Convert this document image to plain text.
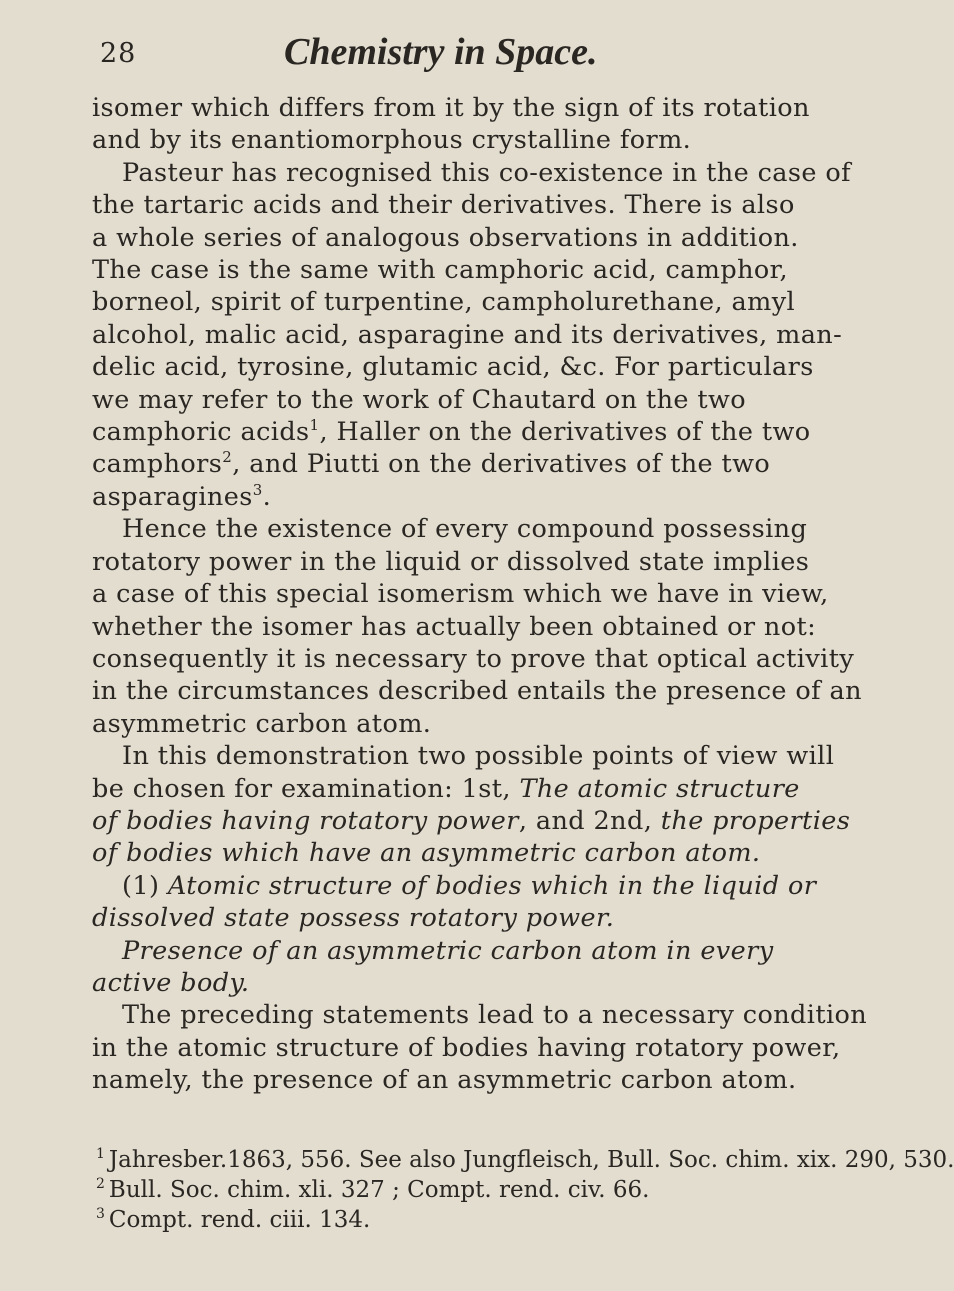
28	Chemistry in Space.

isomer which differs from it by the sign of its rotation
and by its enantiomorphous crystalline form.

Pasteur has recognised this co-existence in the case of
the tartaric acids and their derivatives. There is also
a whole series of analogous observations in addition.
The case is the same with camphoric acid, camphor,
borneol, spirit of turpentine, campholurethane, amyl
alcohol, malic acid, asparagine and its derivatives, man-
delic acid, tyrosine, glutamic acid, &c. For particulars
we may refer to the work of Chautard on the two
camphoric acids$^1$, Haller on the derivatives of the two
camphors$^2$, and Piutti on the derivatives of the two
asparagines$^3$.

Hence the existence of every compound possessing
rotatory power in the liquid or dissolved state implies
a case of this special isomerism which we have in view,
whether the isomer has actually been obtained or not:
consequently it is necessary to prove that optical activity
in the circumstances described entails the presence of an
asymmetric carbon atom.

In this demonstration two possible points of view will
be chosen for examination: 1st, The atomic structure
of bodies having rotatory power, and 2nd, the properties
of bodies which have an asymmetric carbon atom.

(1) Atomic structure of bodies which in the liquid or
dissolved state possess rotatory power.

Presence of an asymmetric carbon atom in every
active body.

The preceding statements lead to a necessary condition
in the atomic structure of bodies having rotatory power,
namely, the presence of an asymmetric carbon atom.

$^1$ Jahresber.1863, 556. See also Jungfleisch, Bull. Soc. chim. xix. 290, 530.

$^2$ Bull. Soc. chim. xli. 327 ; Compt. rend. civ. 66.

$^3$ Compt. rend. ciii. 134.
